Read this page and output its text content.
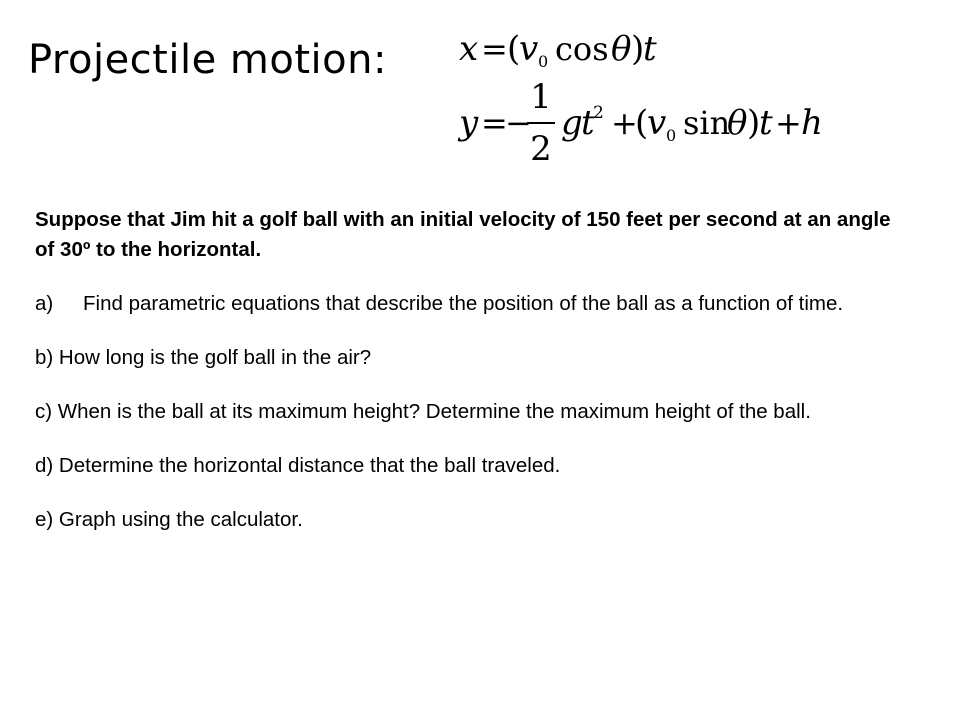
Projectile motion: x = (
v 0 cos θ )
t
y =
−
1
2
g
t
2 +
(
v 0 sin
θ )
t + h

Suppose that Jim hit a golf ball with an initial velocity of 150 feet per second at an angle of 30º to the horizontal.

a)	Find parametric equations that describe the position of the ball as a function of time.

b) How long is the golf ball in the air?

c) When is the ball at its maximum height? Determine the maximum height of the ball.

d) Determine the horizontal distance that the ball traveled.

e) Graph using the calculator.
